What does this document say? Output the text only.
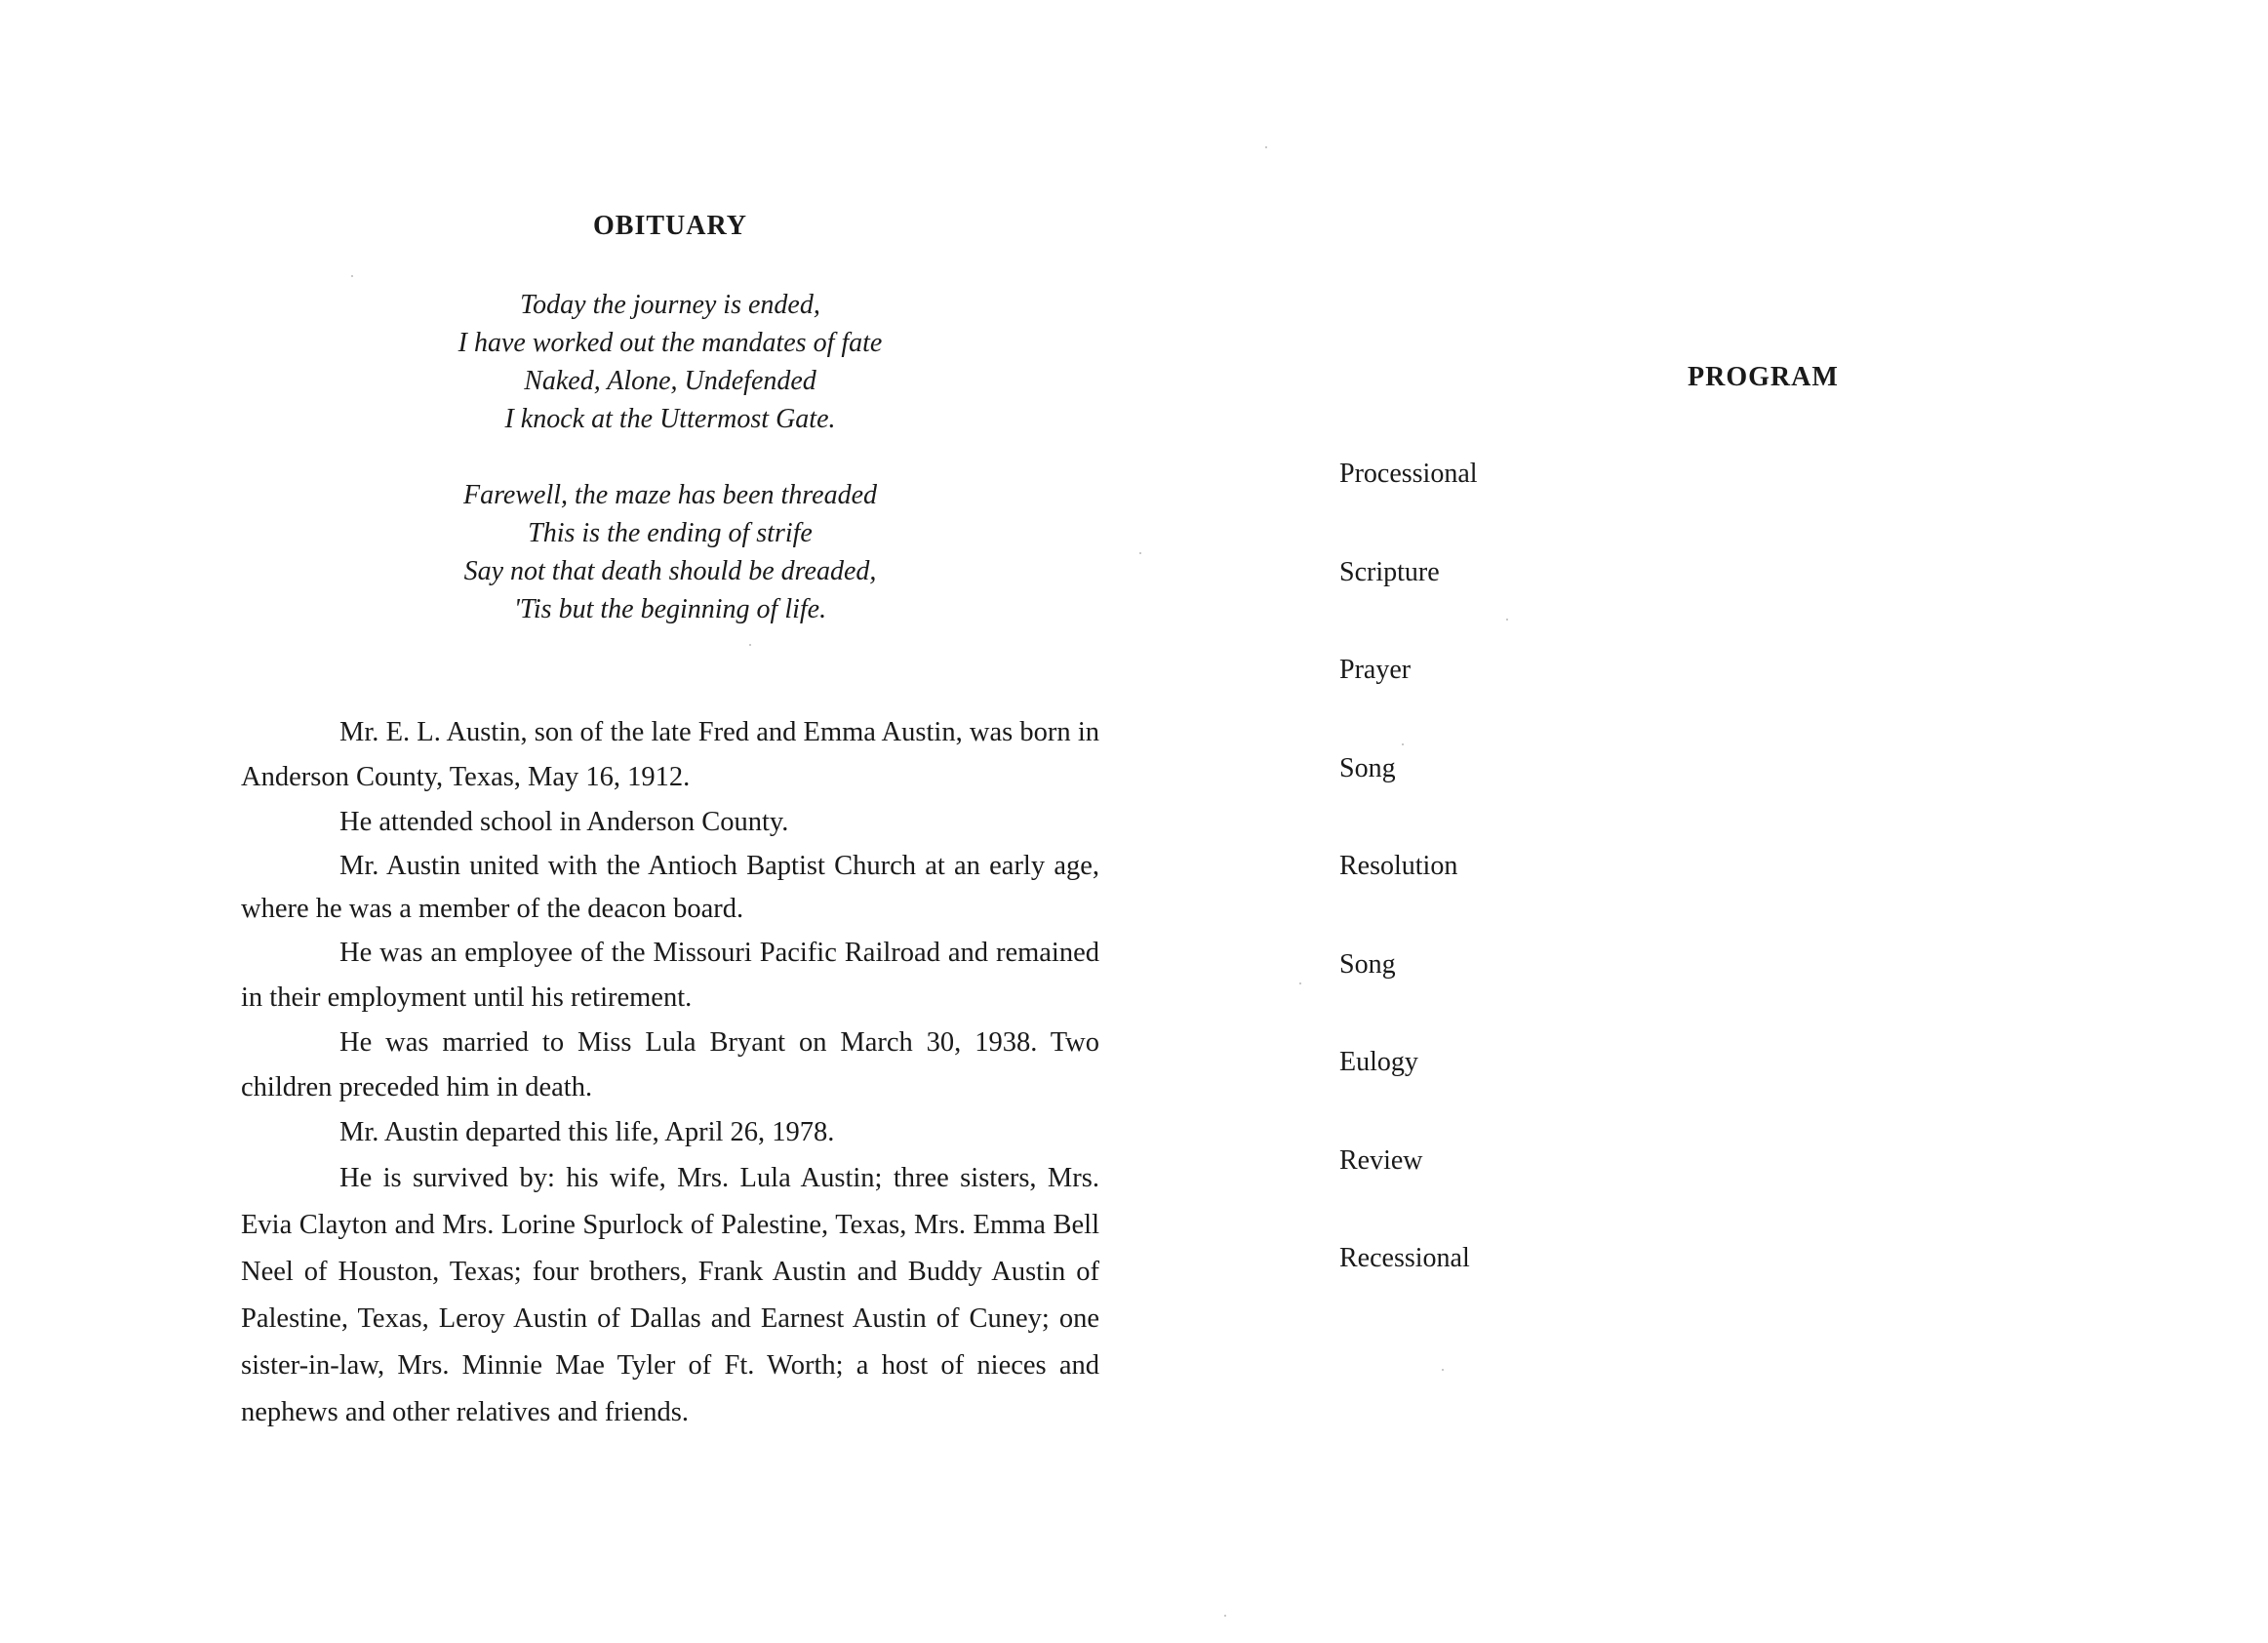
OBITUARY
Today the journey is ended,
I have worked out the mandates of fate
Naked, Alone, Undefended
I knock at the Uttermost Gate.
Farewell, the maze has been threaded
This is the ending of strife
Say not that death should be dreaded,
'Tis but the beginning of life.

Mr. E. L. Austin, son of the late Fred and Emma Austin, was born in Anderson County, Texas, May 16, 1912.

He attended school in Anderson County.

Mr. Austin united with the Antioch Baptist Church at an early age, where he was a member of the deacon board.

He was an employee of the Missouri Pacific Railroad and remained in their employment until his retirement.

He was married to Miss Lula Bryant on March 30, 1938. Two children preceded him in death.

Mr. Austin departed this life, April 26, 1978.

He is survived by: his wife, Mrs. Lula Austin; three sisters, Mrs. Evia Clayton and Mrs. Lorine Spurlock of Palestine, Texas, Mrs. Emma Bell Neel of Houston, Texas; four brothers, Frank Austin and Buddy Austin of Palestine, Texas, Leroy Austin of Dallas and Earnest Austin of Cuney; one sister-in-law, Mrs. Minnie Mae Tyler of Ft. Worth; a host of nieces and nephews and other relatives and friends.

PROGRAM
Processional
Scripture
Prayer
Song
Resolution
Song
Eulogy
Review
Recessional
